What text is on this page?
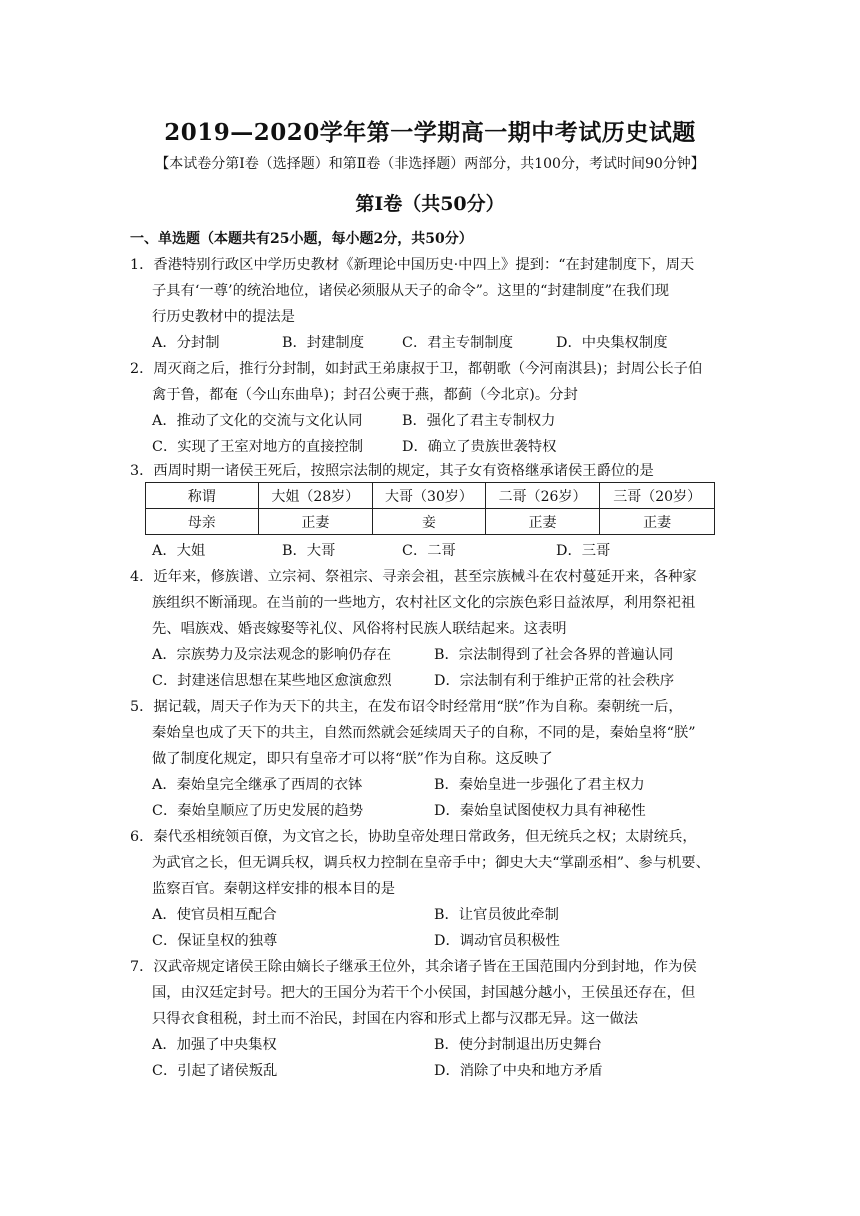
2019—2020学年第一学期高一期中考试历史试题
【本试卷分第Ⅰ卷（选择题）和第Ⅱ卷（非选择题）两部分，共100分，考试时间90分钟】
第Ⅰ卷（共50分）
一、单选题（本题共有25小题，每小题2分，共50分）
1．香港特别行政区中学历史教材《新理论中国历史·中四上》提到：“在封建制度下，周天
子具有‘一尊’的统治地位，诸侯必须服从天子的命令”。这里的“封建制度”在我们现
行历史教材中的提法是
A．分封制	B．封建制度	C．君主专制制度	D．中央集权制度
2．周灭商之后，推行分封制，如封武王弟康叔于卫，都朝歌（今河南淇县)；封周公长子伯
禽于鲁，都奄（今山东曲阜)；封召公奭于燕，都蓟（今北京)。分封
A．推动了文化的交流与文化认同	B．强化了君主专制权力
C．实现了王室对地方的直接控制	D．确立了贵族世袭特权
3．西周时期一诸侯王死后，按照宗法制的规定，其子女有资格继承诸侯王爵位的是
称谓	大姐（28岁）	大哥（30岁）	二哥（26岁）	三哥（20岁）
母亲	正妻	妾	正妻	正妻
A．大姐	B．大哥	C．二哥	D．三哥
4．近年来，修族谱、立宗祠、祭祖宗、寻亲会祖，甚至宗族械斗在农村蔓延开来，各种家
族组织不断涌现。在当前的一些地方，农村社区文化的宗族色彩日益浓厚，利用祭祀祖
先、唱族戏、婚丧嫁娶等礼仪、风俗将村民族人联结起来。这表明
A．宗族势力及宗法观念的影响仍存在	B．宗法制得到了社会各界的普遍认同
C．封建迷信思想在某些地区愈演愈烈	D．宗法制有利于维护正常的社会秩序
5．据记载，周天子作为天下的共主，在发布诏令时经常用“朕”作为自称。秦朝统一后，
秦始皇也成了天下的共主，自然而然就会延续周天子的自称，不同的是，秦始皇将“朕”
做了制度化规定，即只有皇帝才可以将“朕”作为自称。这反映了
A．秦始皇完全继承了西周的衣钵	B．秦始皇进一步强化了君主权力
C．秦始皇顺应了历史发展的趋势	D．秦始皇试图使权力具有神秘性
6．秦代丞相统领百僚，为文官之长，协助皇帝处理日常政务，但无统兵之权；太尉统兵，
为武官之长，但无调兵权，调兵权力控制在皇帝手中；御史大夫“掌副丞相”、参与机要、
监察百官。秦朝这样安排的根本目的是
A．使官员相互配合	B．让官员彼此牵制
C．保证皇权的独尊	D．调动官员积极性
7．汉武帝规定诸侯王除由嫡长子继承王位外，其余诸子皆在王国范围内分到封地，作为侯
国，由汉廷定封号。把大的王国分为若干个小侯国，封国越分越小，王侯虽还存在，但
只得衣食租税，封土而不治民，封国在内容和形式上都与汉郡无异。这一做法
A．加强了中央集权	B．使分封制退出历史舞台
C．引起了诸侯叛乱	D．消除了中央和地方矛盾
